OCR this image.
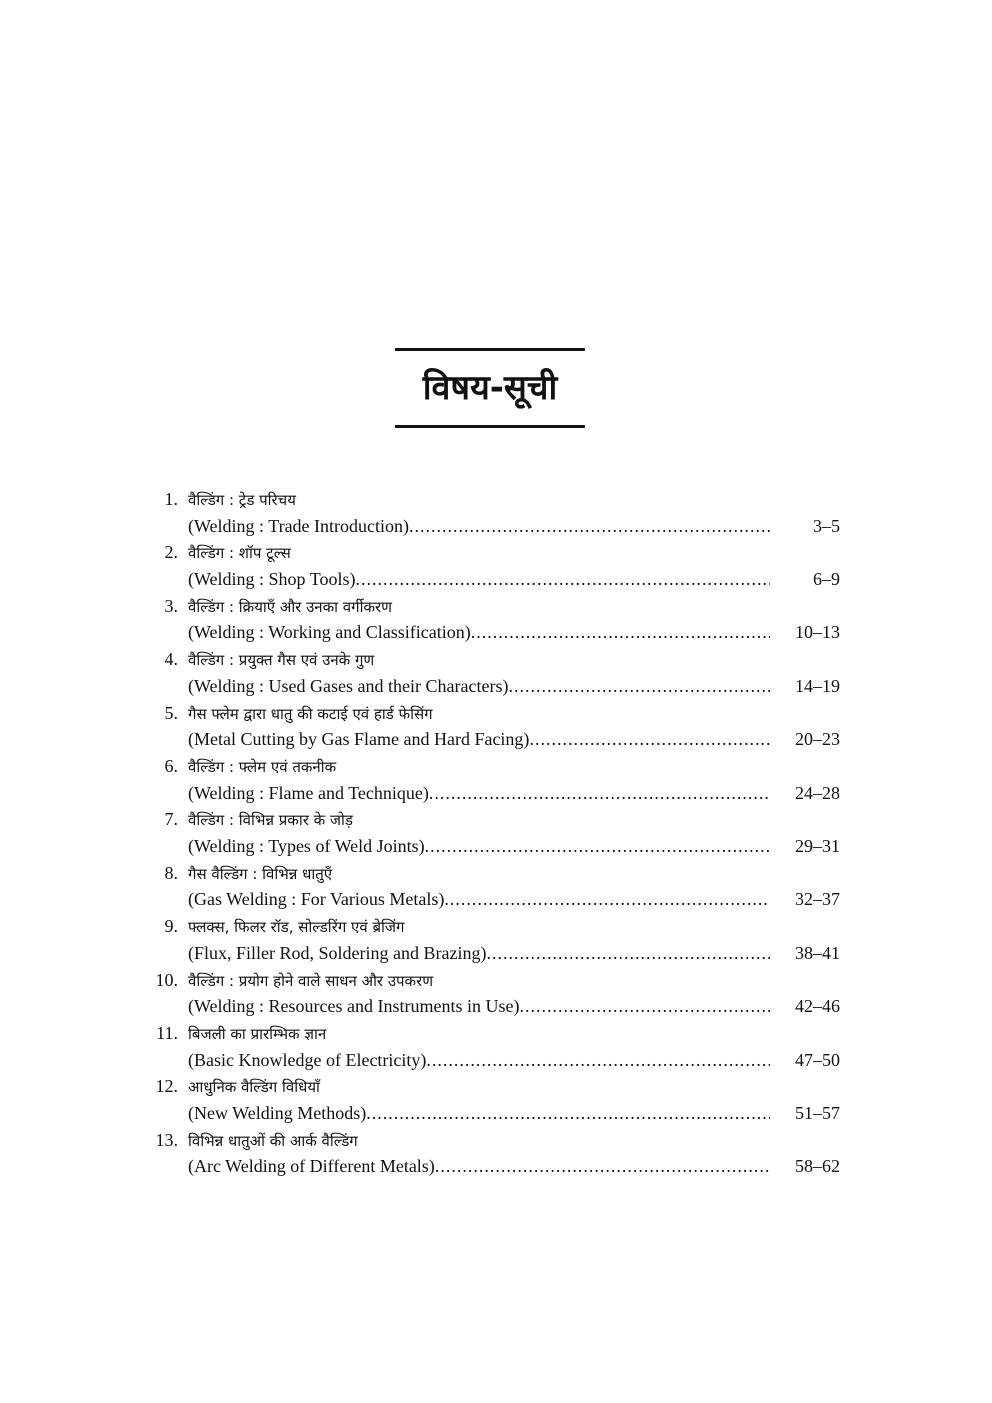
विषय-सूची
1. वैल्डिंग : ट्रेड परिचय
(Welding : Trade Introduction) .....	3–5
2. वैल्डिंग : शॉप टूल्स
(Welding : Shop Tools) .....	6–9
3. वैल्डिंग : क्रियाएँ और उनका वर्गीकरण
(Welding : Working and Classification) .....	10–13
4. वैल्डिंग : प्रयुक्त गैस एवं उनके गुण
(Welding : Used Gases and their Characters) .....	14–19
5. गैस फ्लेम द्वारा धातु की कटाई एवं हार्ड फेसिंग
(Metal Cutting by Gas Flame and Hard Facing) .....	20–23
6. वैल्डिंग : फ्लेम एवं तकनीक
(Welding : Flame and Technique) .....	24–28
7. वैल्डिंग : विभिन्न प्रकार के जोड़
(Welding : Types of Weld Joints) .....	29–31
8. गैस वैल्डिंग : विभिन्न धातुएँ
(Gas Welding : For Various Metals) .....	32–37
9. फ्लक्स, फिलर रॉड, सोल्डरिंग एवं ब्रेजिंग
(Flux, Filler Rod, Soldering and Brazing) .....	38–41
10. वैल्डिंग : प्रयोग होने वाले साधन और उपकरण
(Welding : Resources and Instruments in Use) .....	42–46
11. बिजली का प्रारम्भिक ज्ञान
(Basic Knowledge of Electricity) .....	47–50
12. आधुनिक वैल्डिंग विधियाँ
(New Welding Methods) .....	51–57
13. विभिन्न धातुओं की आर्क वैल्डिंग
(Arc Welding of Different Metals) .....	58–62
